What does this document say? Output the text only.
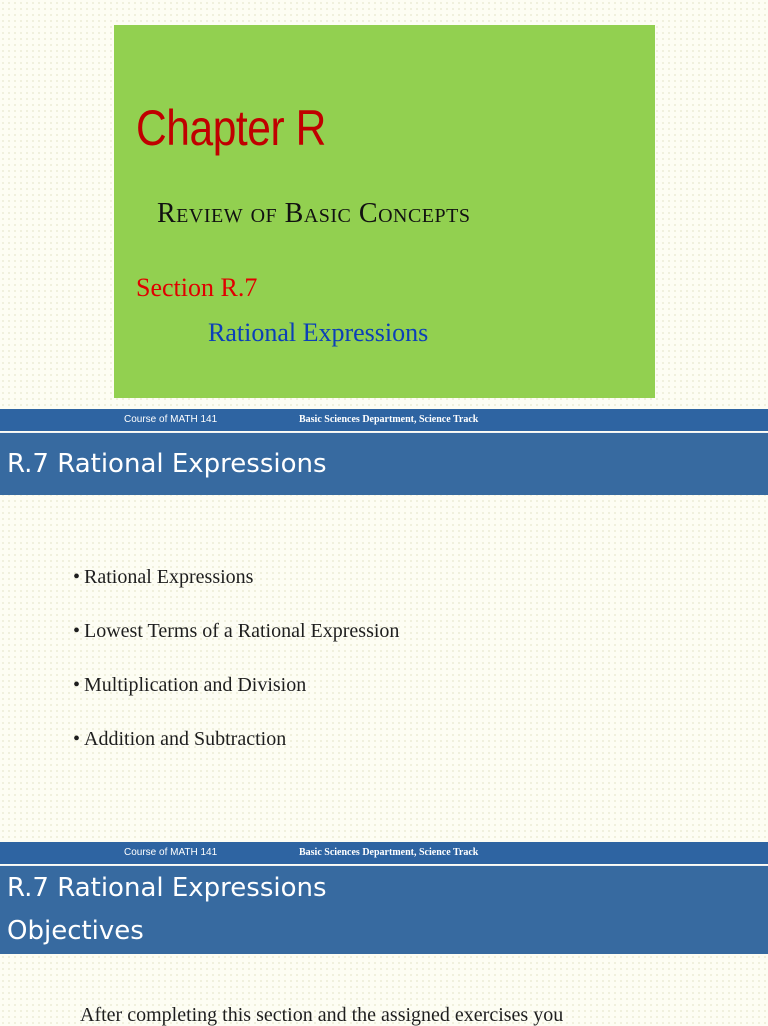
Chapter R
Review of Basic Concepts
Section R.7
Rational Expressions
Course of MATH 141	Basic Sciences Department, Science Track
R.7 Rational Expressions
• Rational Expressions
• Lowest Terms of a Rational Expression
• Multiplication and Division
• Addition and Subtraction
Course of MATH 141	Basic Sciences Department, Science Track
R.7 Rational Expressions
Objectives
After completing this section and the assigned exercises you
